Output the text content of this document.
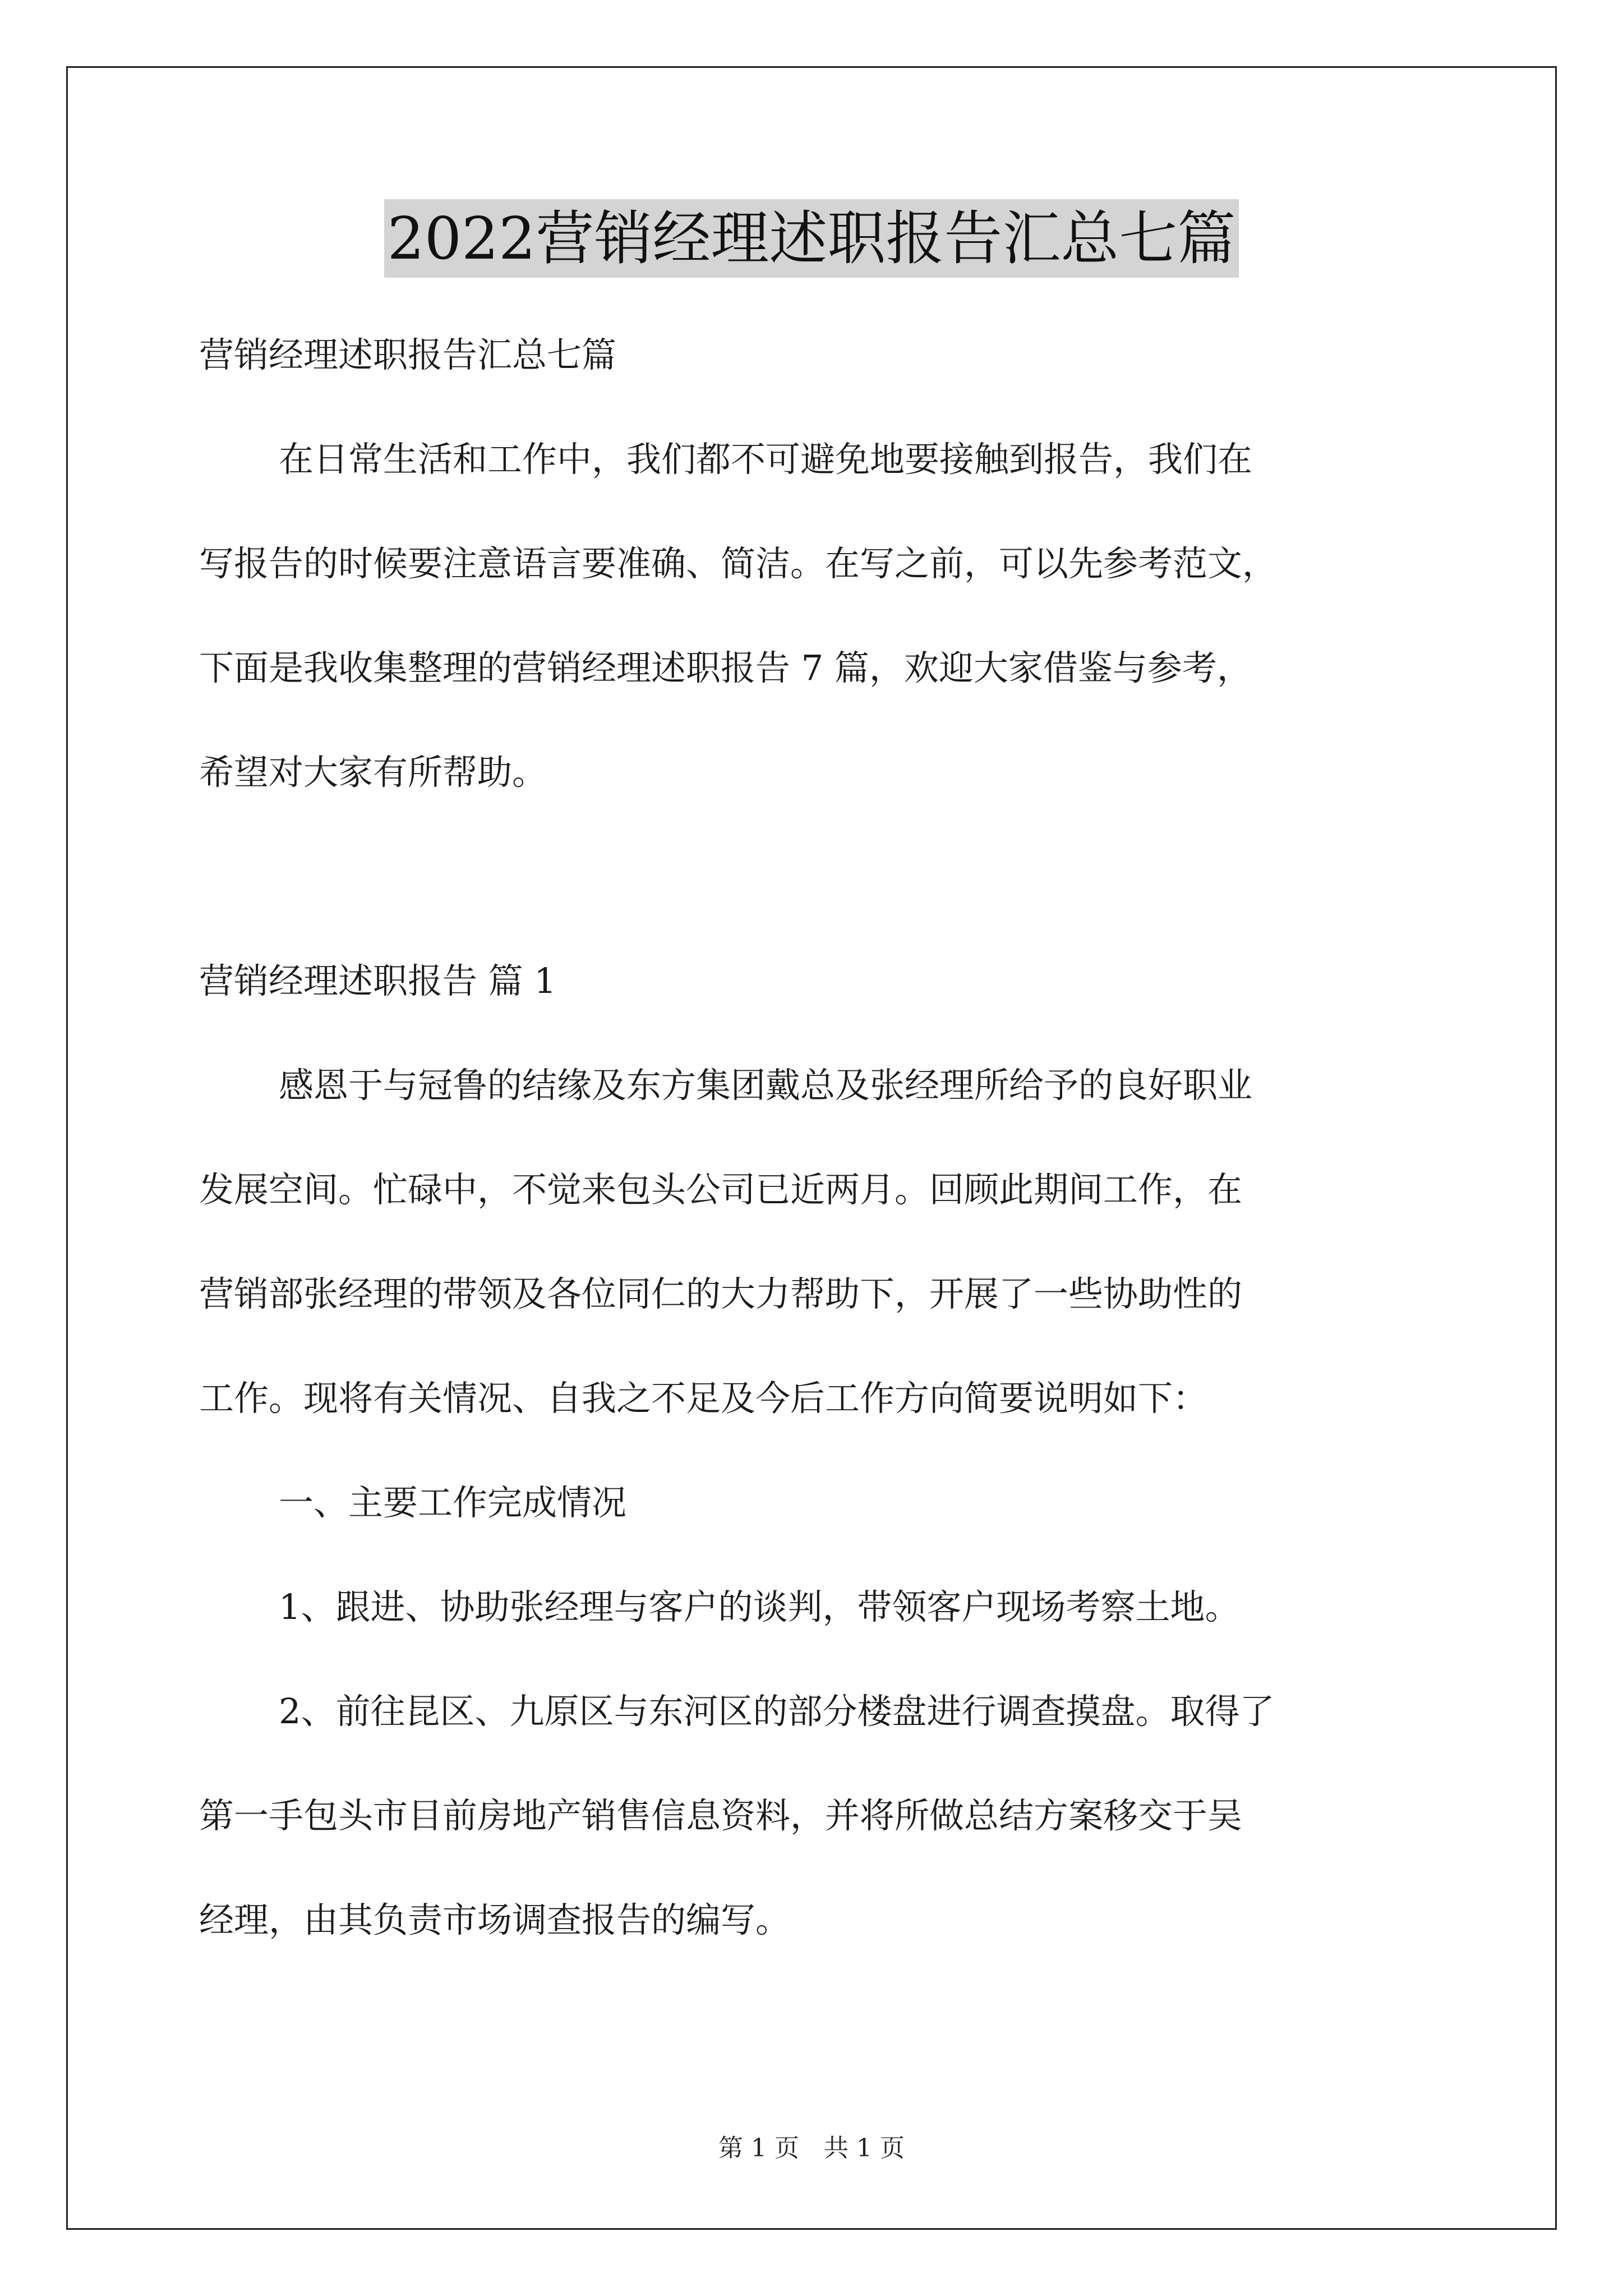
2022营销经理述职报告汇总七篇
营销经理述职报告汇总七篇
在日常生活和工作中，我们都不可避免地要接触到报告，我们在
写报告的时候要注意语言要准确、简洁。在写之前，可以先参考范文，
下面是我收集整理的营销经理述职报告 7 篇，欢迎大家借鉴与参考，
希望对大家有所帮助。
营销经理述职报告 篇 1
感恩于与冠鲁的结缘及东方集团戴总及张经理所给予的良好职业
发展空间。忙碌中，不觉来包头公司已近两月。回顾此期间工作，在
营销部张经理的带领及各位同仁的大力帮助下，开展了一些协助性的
工作。现将有关情况、自我之不足及今后工作方向简要说明如下：
一、主要工作完成情况
1、跟进、协助张经理与客户的谈判，带领客户现场考察土地。
2、前往昆区、九原区与东河区的部分楼盘进行调查摸盘。取得了
第一手包头市目前房地产销售信息资料，并将所做总结方案移交于吴
经理，由其负责市场调查报告的编写。
第 1 页　共 1 页
